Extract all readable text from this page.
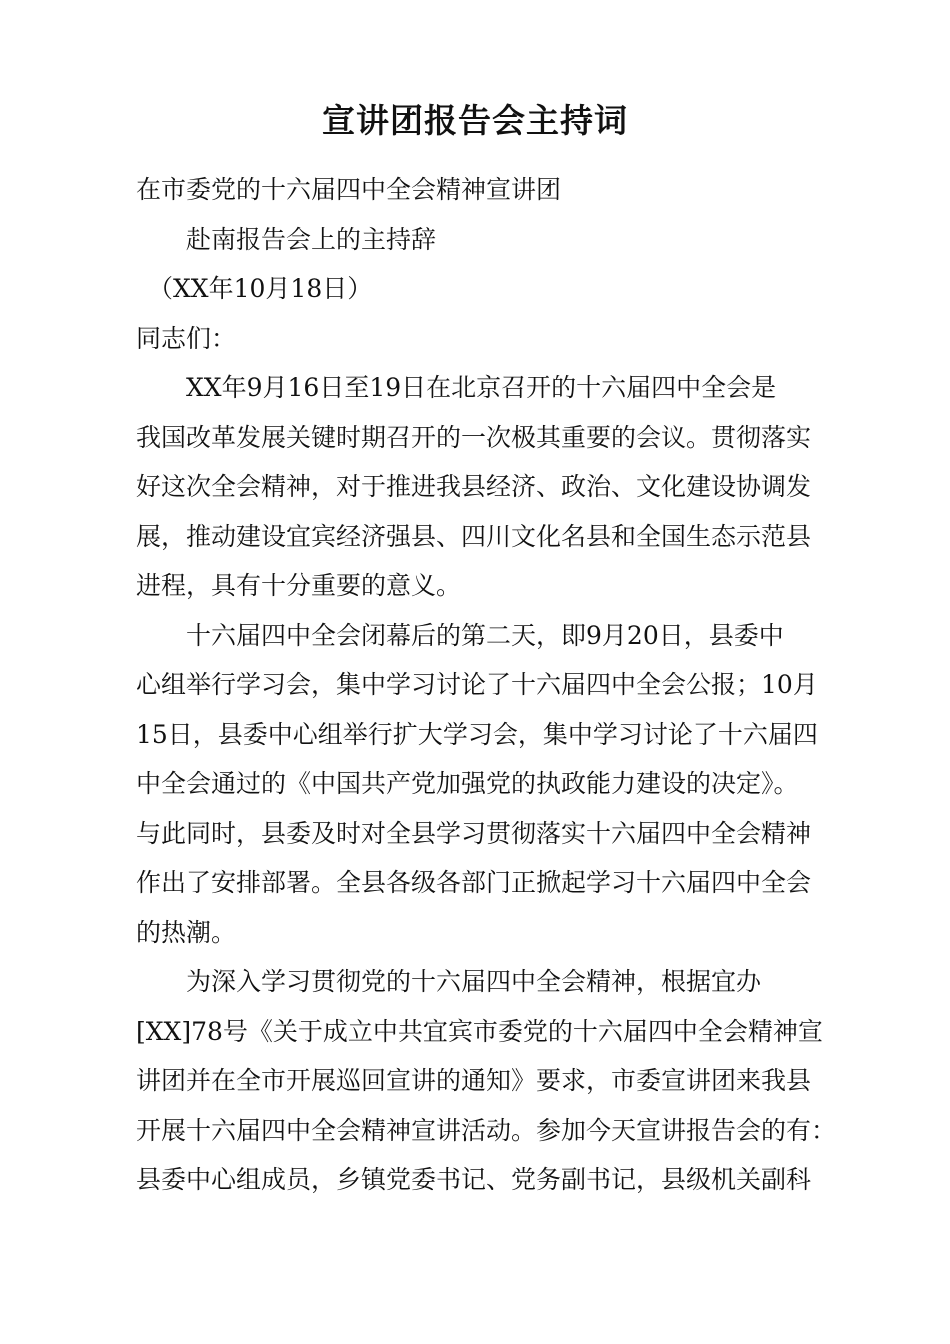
宣讲团报告会主持词
在市委党的十六届四中全会精神宣讲团
赴南报告会上的主持辞
（XX年10月18日）
同志们：
XX年9月16日至19日在北京召开的十六届四中全会是
我国改革发展关键时期召开的一次极其重要的会议。贯彻落实
好这次全会精神，对于推进我县经济、政治、文化建设协调发
展，推动建设宜宾经济强县、四川文化名县和全国生态示范县
进程，具有十分重要的意义。
十六届四中全会闭幕后的第二天，即9月20日，县委中
心组举行学习会，集中学习讨论了十六届四中全会公报；10月
15日，县委中心组举行扩大学习会，集中学习讨论了十六届四
中全会通过的《中国共产党加强党的执政能力建设的决定》。
与此同时，县委及时对全县学习贯彻落实十六届四中全会精神
作出了安排部署。全县各级各部门正掀起学习十六届四中全会
的热潮。
为深入学习贯彻党的十六届四中全会精神，根据宜办
[XX]78号《关于成立中共宜宾市委党的十六届四中全会精神宣
讲团并在全市开展巡回宣讲的通知》要求，市委宣讲团来我县
开展十六届四中全会精神宣讲活动。参加今天宣讲报告会的有：
县委中心组成员，乡镇党委书记、党务副书记，县级机关副科
